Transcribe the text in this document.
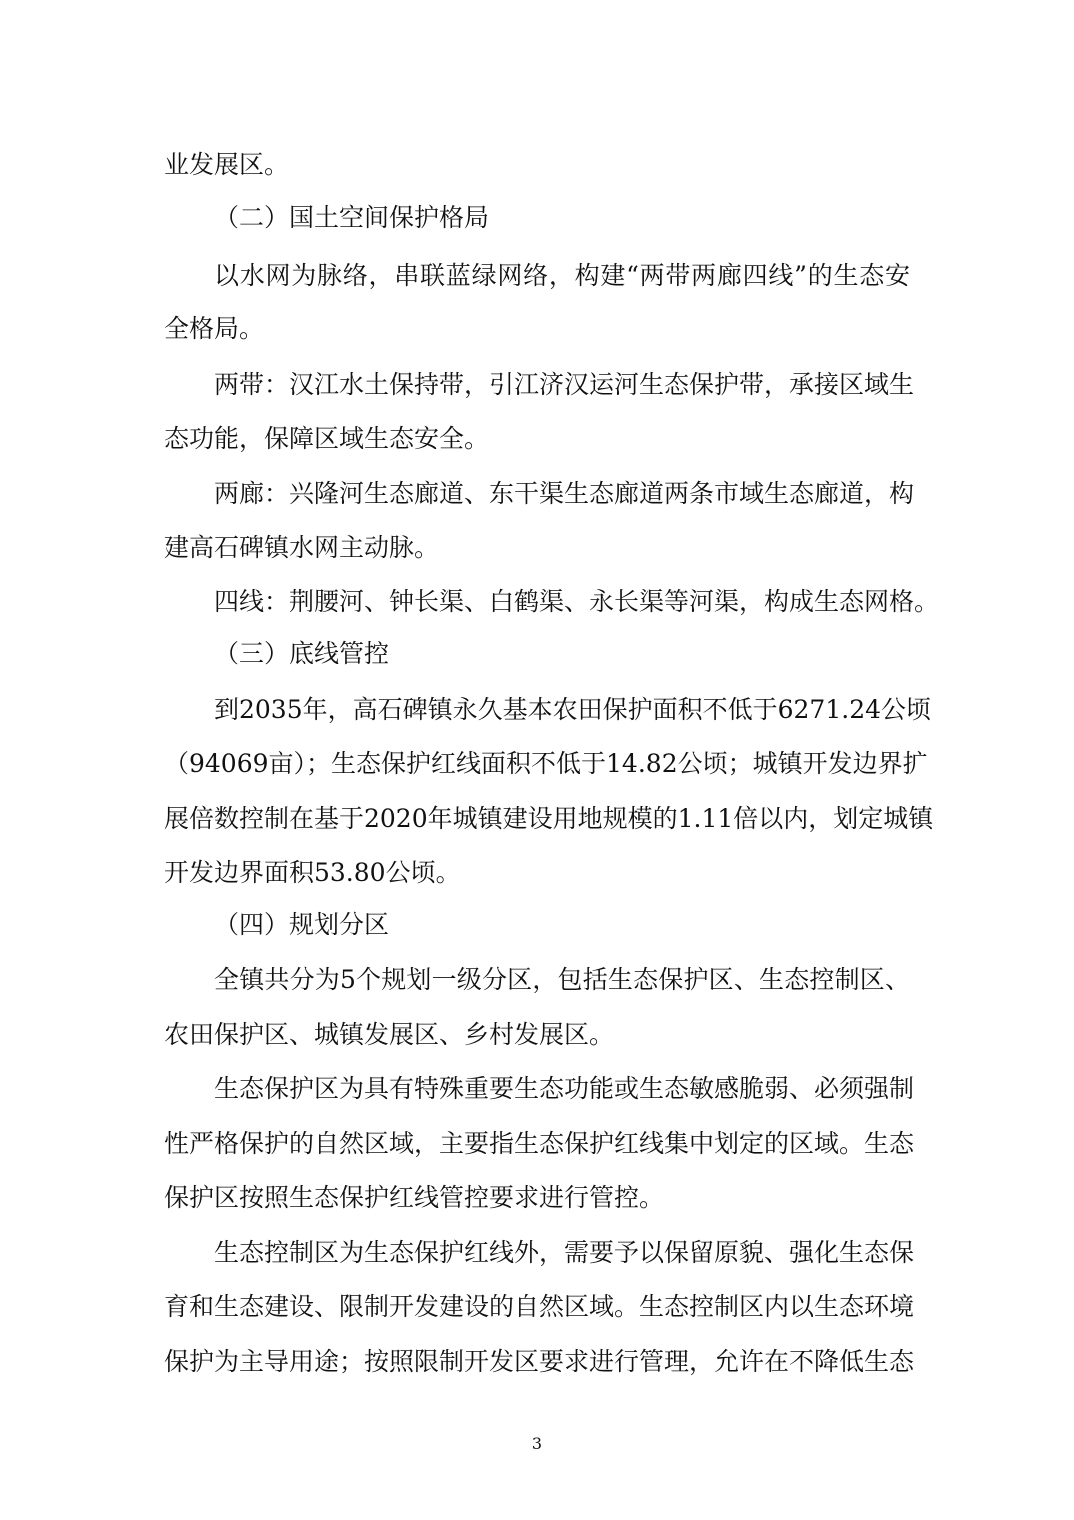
业发展区。

（二）国土空间保护格局

以水网为脉络，串联蓝绿网络，构建“两带两廊四线”的生态安

全格局。

两带：汉江水土保持带，引江济汉运河生态保护带，承接区域生

态功能，保障区域生态安全。

两廊：兴隆河生态廊道、东干渠生态廊道两条市域生态廊道，构

建高石碑镇水网主动脉。

四线：荆腰河、钟长渠、白鹤渠、永长渠等河渠，构成生态网格。

（三）底线管控

到2035年，高石碑镇永久基本农田保护面积不低于6271.24公顷

（94069亩）；生态保护红线面积不低于14.82公顷；城镇开发边界扩

展倍数控制在基于2020年城镇建设用地规模的1.11倍以内，划定城镇

开发边界面积53.80公顷。

（四）规划分区

全镇共分为5个规划一级分区，包括生态保护区、生态控制区、

农田保护区、城镇发展区、乡村发展区。

生态保护区为具有特殊重要生态功能或生态敏感脆弱、必须强制

性严格保护的自然区域，主要指生态保护红线集中划定的区域。生态

保护区按照生态保护红线管控要求进行管控。

生态控制区为生态保护红线外，需要予以保留原貌、强化生态保

育和生态建设、限制开发建设的自然区域。生态控制区内以生态环境

保护为主导用途；按照限制开发区要求进行管理，允许在不降低生态

3
